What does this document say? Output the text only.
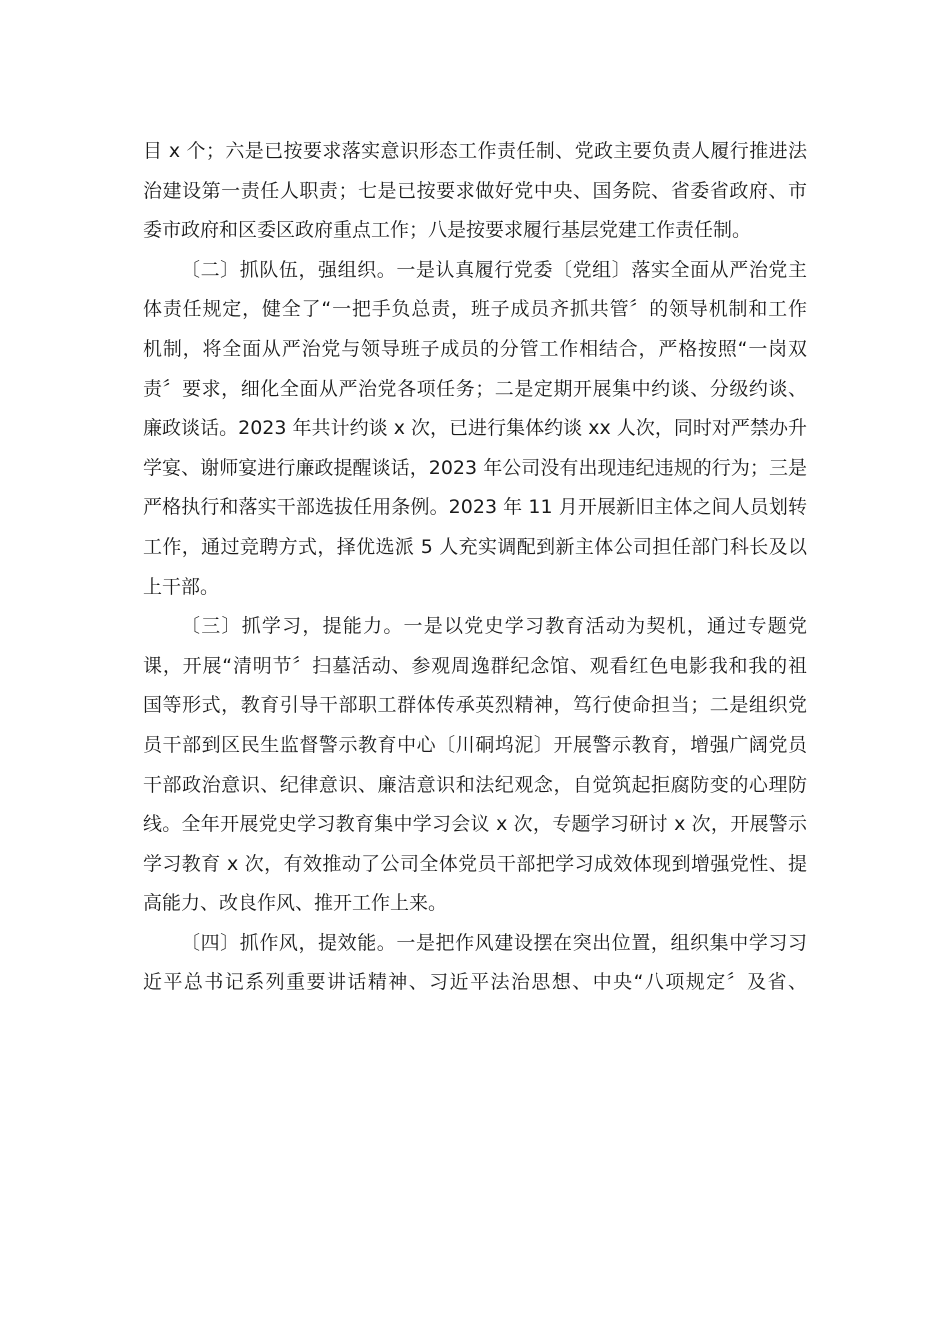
目 x 个；六是已按要求落实意识形态工作责任制、党政主要负责人履行推进法
治建设第一责任人职责；七是已按要求做好党中央、国务院、省委省政府、市
委市政府和区委区政府重点工作；八是按要求履行基层党建工作责任制。
〔二〕抓队伍，强组织。一是认真履行党委〔党组〕落实全面从严治党主
体责任规定，健全了“一把手负总责，班子成员齐抓共管〞的领导机制和工作
机制，将全面从严治党与领导班子成员的分管工作相结合，严格按照“一岗双
责〞要求，细化全面从严治党各项任务；二是定期开展集中约谈、分级约谈、
廉政谈话。2023 年共计约谈 x 次，已进行集体约谈 xx 人次，同时对严禁办升
学宴、谢师宴进行廉政提醒谈话，2023 年公司没有出现违纪违规的行为；三是
严格执行和落实干部选拔任用条例。2023 年 11 月开展新旧主体之间人员划转
工作，通过竞聘方式，择优选派 5 人充实调配到新主体公司担任部门科长及以
上干部。
〔三〕抓学习，提能力。一是以党史学习教育活动为契机，通过专题党
课，开展“清明节〞扫墓活动、参观周逸群纪念馆、观看红色电影我和我的祖
国等形式，教育引导干部职工群体传承英烈精神，笃行使命担当；二是组织党
员干部到区民生监督警示教育中心〔川硐坞泥〕开展警示教育，增强广阔党员
干部政治意识、纪律意识、廉洁意识和法纪观念，自觉筑起拒腐防变的心理防
线。全年开展党史学习教育集中学习会议 x 次，专题学习研讨 x 次，开展警示
学习教育 x 次，有效推动了公司全体党员干部把学习成效体现到增强党性、提
高能力、改良作风、推开工作上来。
〔四〕抓作风，提效能。一是把作风建设摆在突出位置，组织集中学习习
近平总书记系列重要讲话精神、习近平法治思想、中央“八项规定〞及省、
